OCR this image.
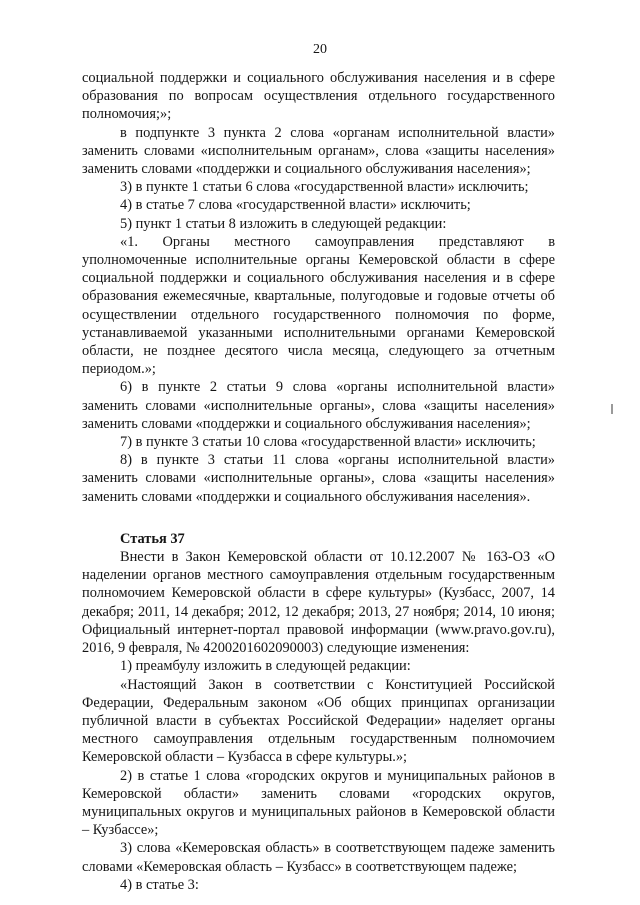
20

социальной поддержки и социального обслуживания населения и в сфере образования по вопросам осуществления отдельного государственного полномочия;»;

в подпункте 3 пункта 2 слова «органам исполнительной власти» заменить словами «исполнительным органам», слова «защиты населения» заменить словами «поддержки и социального обслуживания населения»;

3) в пункте 1 статьи 6 слова «государственной власти» исключить;

4) в статье 7 слова «государственной власти» исключить;

5) пункт 1 статьи 8 изложить в следующей редакции:

«1. Органы местного самоуправления представляют в уполномоченные исполнительные органы Кемеровской области в сфере социальной поддержки и социального обслуживания населения и в сфере образования ежемесячные, квартальные, полугодовые и годовые отчеты об осуществлении отдельного государственного полномочия по форме, устанавливаемой указанными исполнительными органами Кемеровской области, не позднее десятого числа месяца, следующего за отчетным периодом.»;

6) в пункте 2 статьи 9 слова «органы исполнительной власти» заменить словами «исполнительные органы», слова «защиты населения» заменить словами «поддержки и социального обслуживания населения»;

7) в пункте 3 статьи 10 слова «государственной власти» исключить;

8) в пункте 3 статьи 11 слова «органы исполнительной власти» заменить словами «исполнительные органы», слова «защиты населения» заменить словами «поддержки и социального обслуживания населения».

Статья 37

Внести в Закон Кемеровской области от 10.12.2007 № 163-ОЗ «О наделении органов местного самоуправления отдельным государственным полномочием Кемеровской области в сфере культуры» (Кузбасс, 2007, 14 декабря; 2011, 14 декабря; 2012, 12 декабря; 2013, 27 ноября; 2014, 10 июня; Официальный интернет-портал правовой информации (www.pravo.gov.ru), 2016, 9 февраля, № 4200201602090003) следующие изменения:

1) преамбулу изложить в следующей редакции:

«Настоящий Закон в соответствии с Конституцией Российской Федерации, Федеральным законом «Об общих принципах организации публичной власти в субъектах Российской Федерации» наделяет органы местного самоуправления отдельным государственным полномочием Кемеровской области – Кузбасса в сфере культуры.»;

2) в статье 1 слова «городских округов и муниципальных районов в Кемеровской области» заменить словами «городских округов, муниципальных округов и муниципальных районов в Кемеровской области – Кузбассе»;

3) слова «Кемеровская область» в соответствующем падеже заменить словами «Кемеровская область – Кузбасс» в соответствующем падеже;

4) в статье 3:
